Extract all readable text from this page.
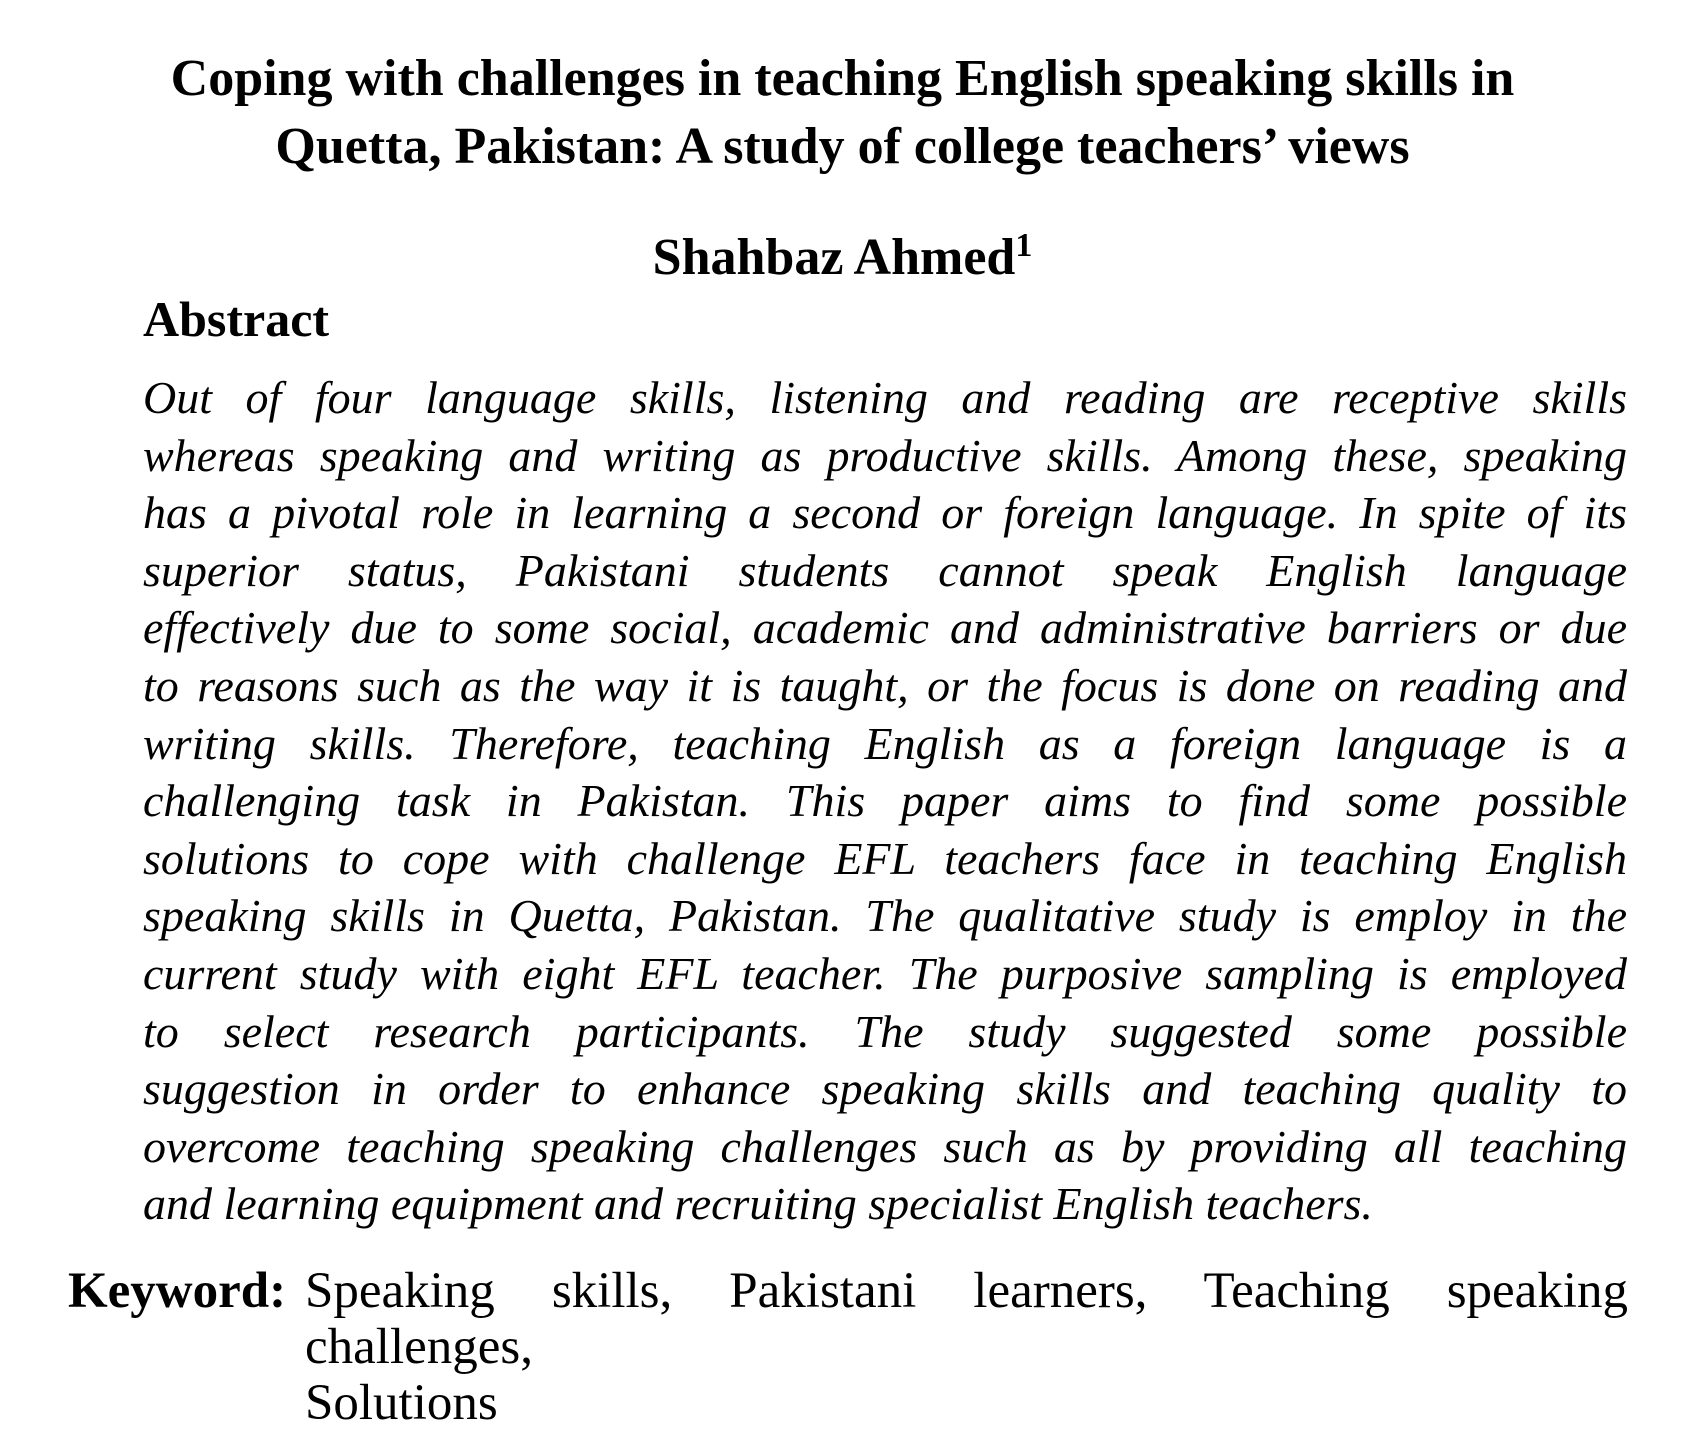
Coping with challenges in teaching English speaking skills in
Quetta, Pakistan: A study of college teachers’ views
Shahbaz Ahmed$^1$
Abstract
Out of four language skills, listening and reading are receptive skills
whereas speaking and writing as productive skills. Among these, speaking
has a pivotal role in learning a second or foreign language. In spite of its
superior status, Pakistani students cannot speak English language
effectively due to some social, academic and administrative barriers or due
to reasons such as the way it is taught, or the focus is done on reading and
writing skills. Therefore, teaching English as a foreign language is a
challenging task in Pakistan. This paper aims to find some possible
solutions to cope with challenge EFL teachers face in teaching English
speaking skills in Quetta, Pakistan. The qualitative study is employ in the
current study with eight EFL teacher. The purposive sampling is employed
to select research participants. The study suggested some possible
suggestion in order to enhance speaking skills and teaching quality to
overcome teaching speaking challenges such as by providing all teaching
and learning equipment and recruiting specialist English teachers.
Keyword: Speaking skills, Pakistani learners, Teaching speaking challenges,
Solutions
